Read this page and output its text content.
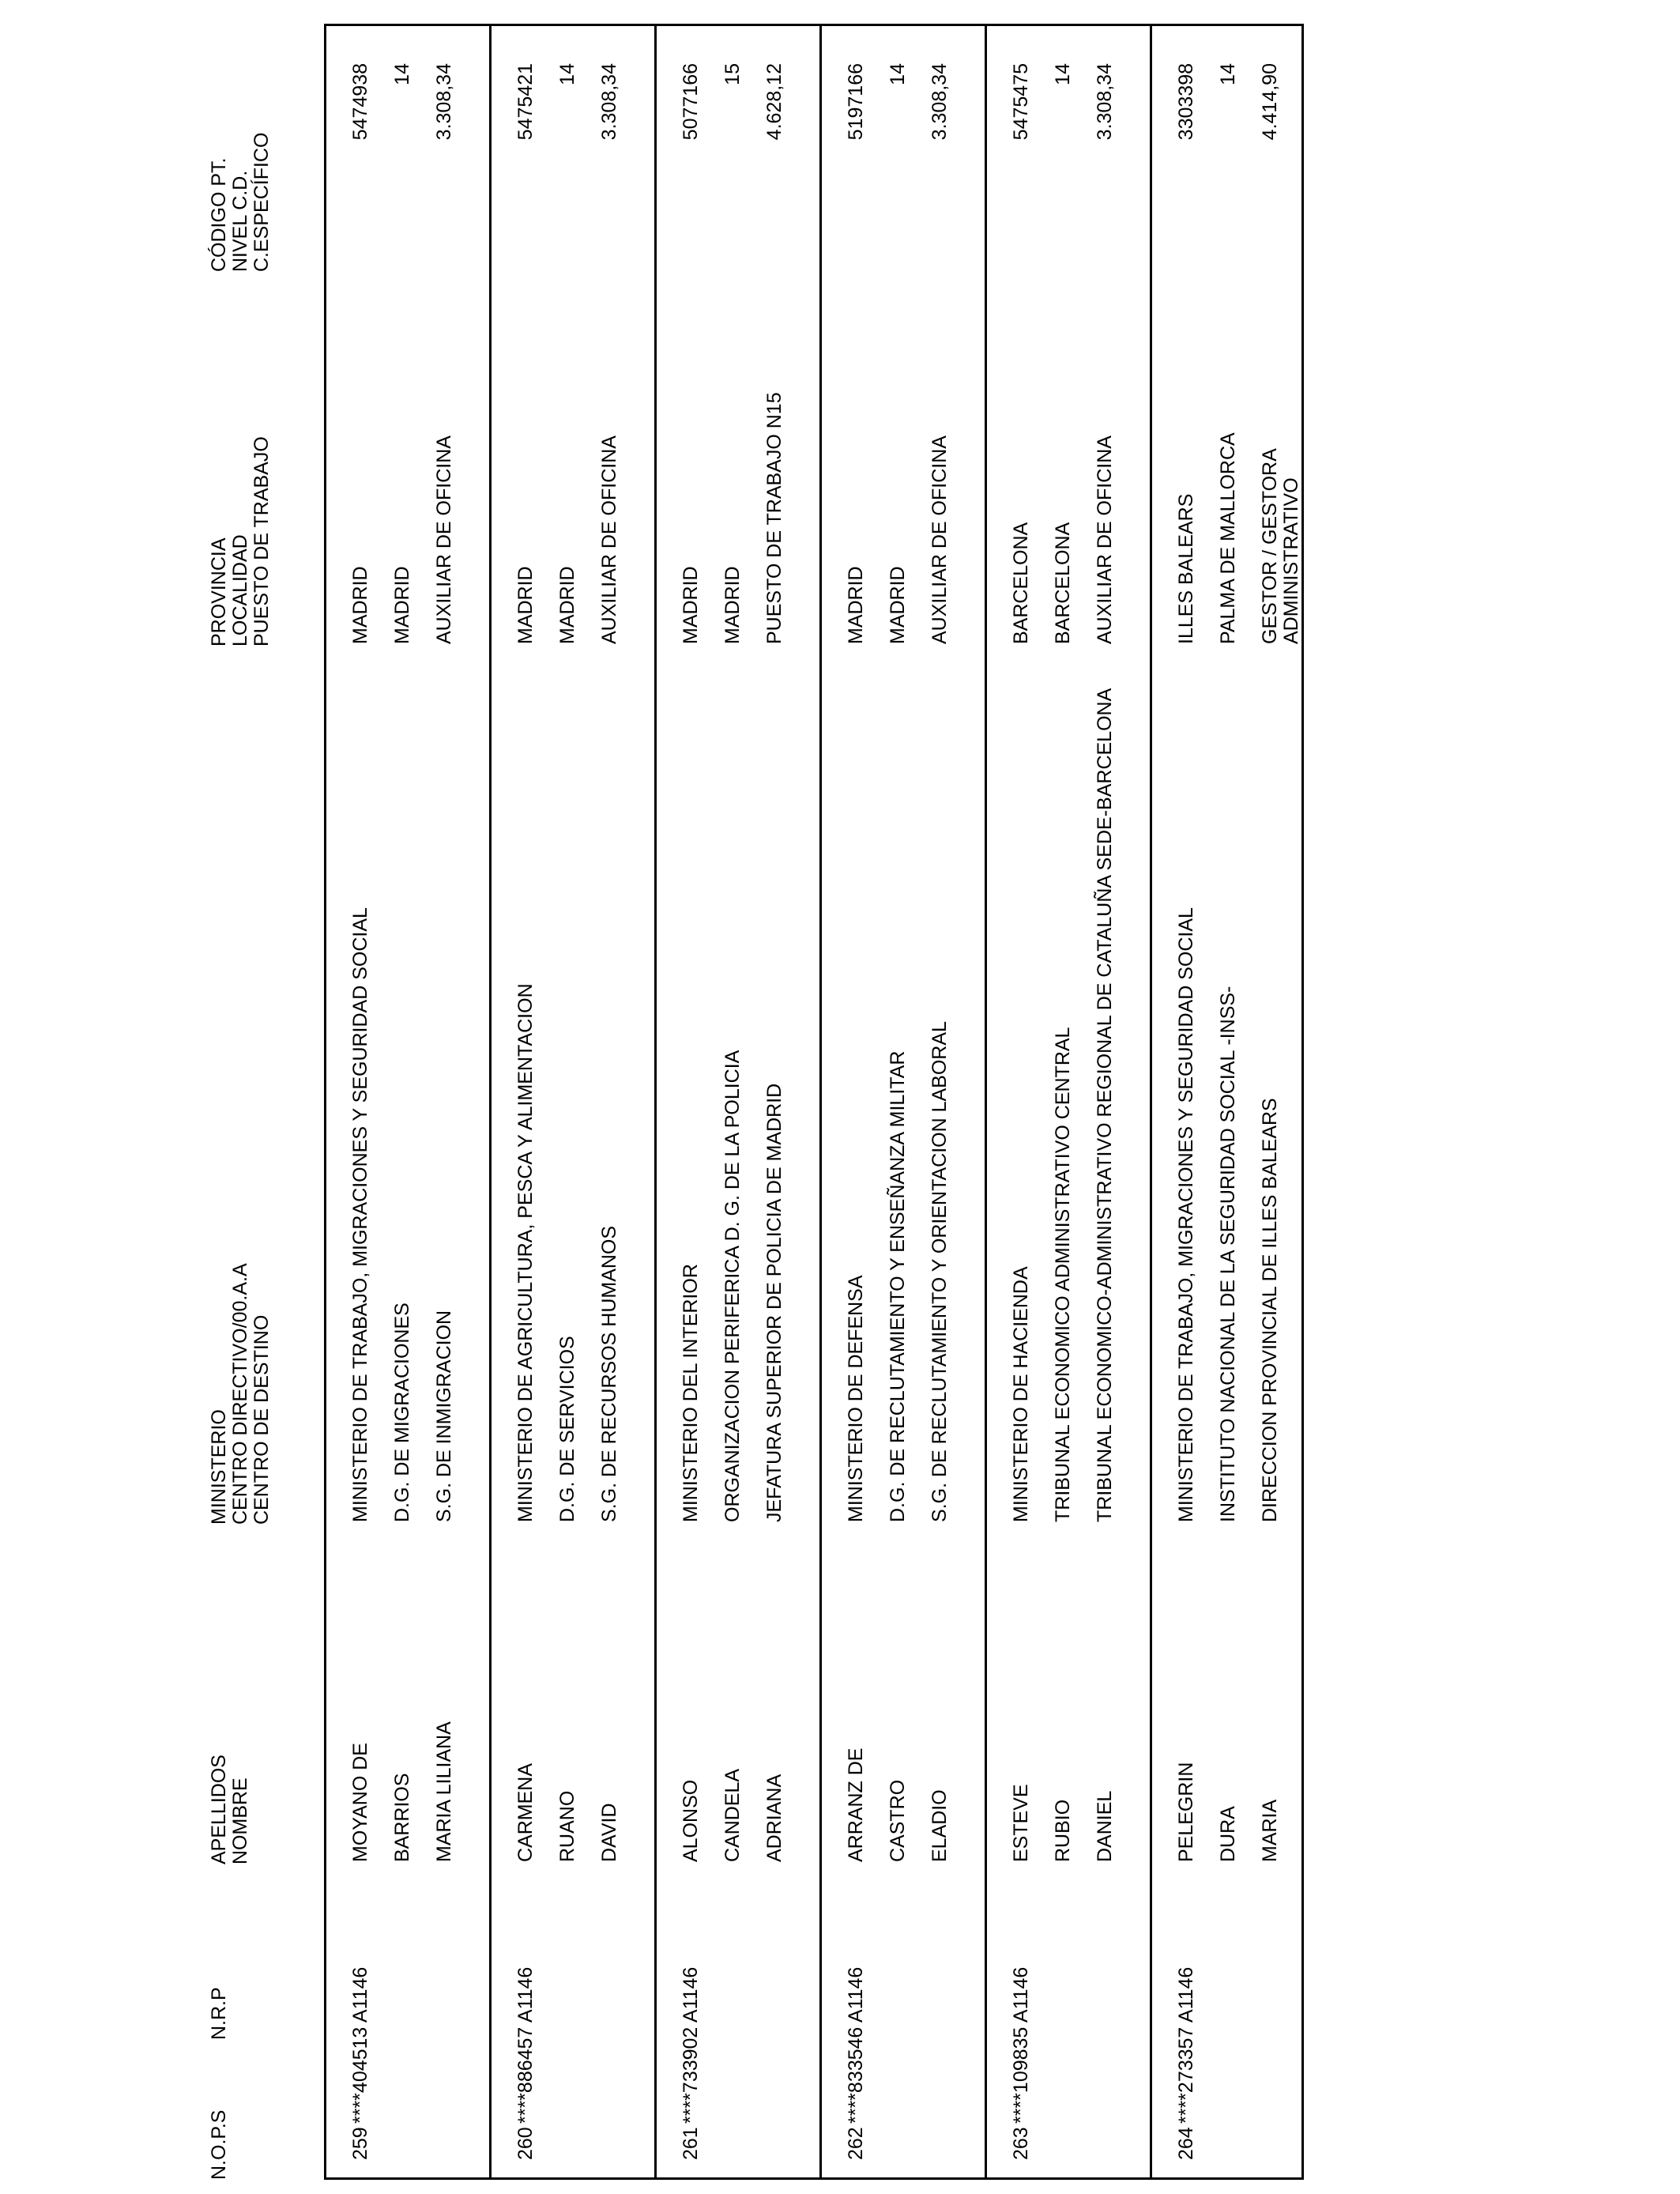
N.O.P.S
N.R.P
APELLIDOS NOMBRE
MINISTERIO CENTRO DIRECTIVO/00.A.A CENTRO DE DESTINO
PROVINCIA LOCALIDAD PUESTO DE TRABAJO
CÓDIGO PT. NIVEL C.D. C.ESPECÍFICO
259
****404513 A1146
MOYANO DE BARRIOS MARIA LILIANA
MINISTERIO DE TRABAJO, MIGRACIONES Y SEGURIDAD SOCIAL D.G. DE MIGRACIONES S.G. DE INMIGRACION
MADRID MADRID AUXILIAR DE OFICINA
5474938 14 3.308,34
260
****886457 A1146
CARMENA RUANO DAVID
MINISTERIO DE AGRICULTURA, PESCA Y ALIMENTACION D.G. DE SERVICIOS S.G. DE RECURSOS HUMANOS
MADRID MADRID AUXILIAR DE OFICINA
5475421 14 3.308,34
261
****733902 A1146
ALONSO CANDELA ADRIANA
MINISTERIO DEL INTERIOR ORGANIZACION PERIFERICA D. G. DE LA POLICIA JEFATURA SUPERIOR DE POLICIA DE MADRID
MADRID MADRID PUESTO DE TRABAJO N15
5077166 15 4.628,12
262
****833546 A1146
ARRANZ DE CASTRO ELADIO
MINISTERIO DE DEFENSA D.G. DE RECLUTAMIENTO Y ENSEÑANZA MILITAR S.G. DE RECLUTAMIENTO Y ORIENTACION LABORAL
MADRID MADRID AUXILIAR DE OFICINA
5197166 14 3.308,34
263
****109835 A1146
ESTEVE RUBIO DANIEL
MINISTERIO DE HACIENDA TRIBUNAL ECONOMICO ADMINISTRATIVO CENTRAL TRIBUNAL ECONOMICO-ADMINISTRATIVO REGIONAL DE CATALUÑA SEDE-BARCELONA
BARCELONA BARCELONA AUXILIAR DE OFICINA
5475475 14 3.308,34
264
****273357 A1146
PELEGRIN DURA MARIA
MINISTERIO DE TRABAJO, MIGRACIONES Y SEGURIDAD SOCIAL INSTITUTO NACIONAL DE LA SEGURIDAD SOCIAL -INSS- DIRECCION PROVINCIAL DE ILLES BALEARS
ILLES BALEARS PALMA DE MALLORCA GESTOR / GESTORA ADMINISTRATIVO
3303398 14 4.414,90
